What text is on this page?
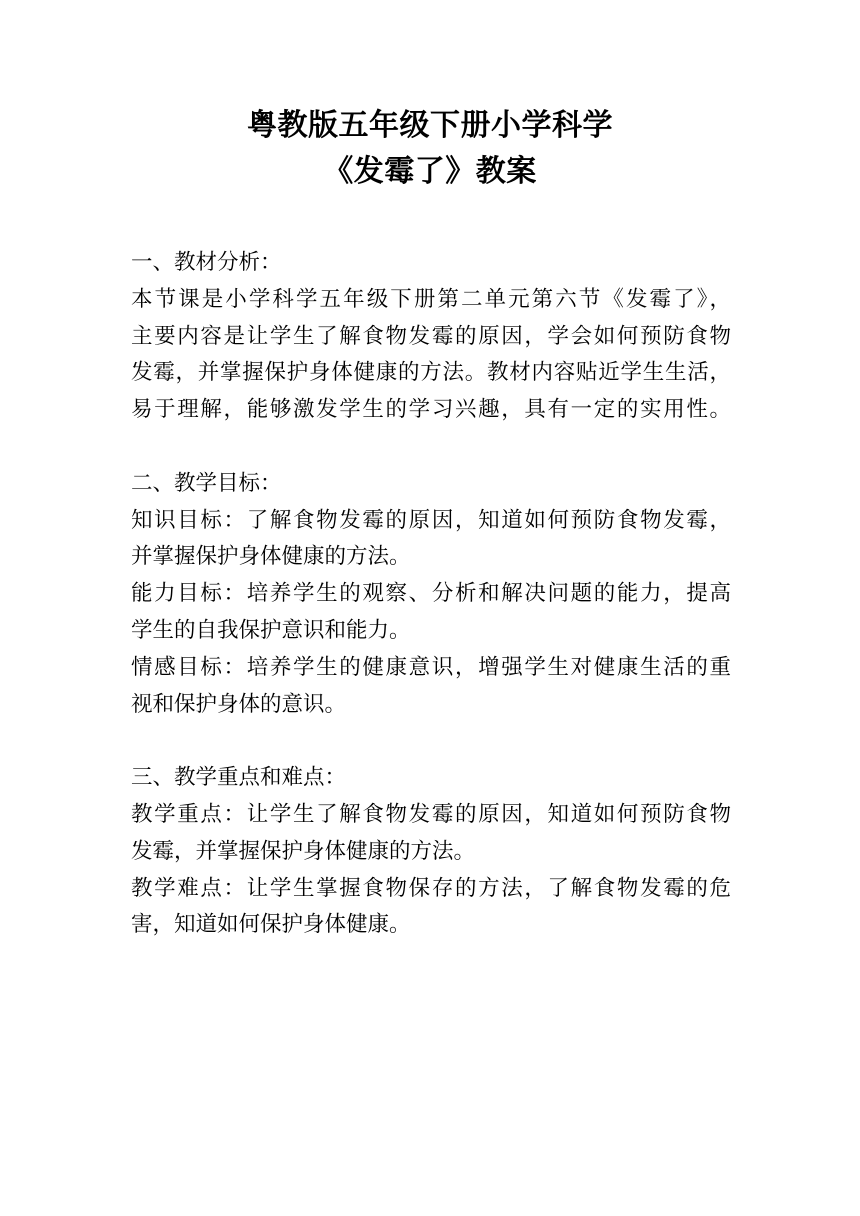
粤教版五年级下册小学科学
《发霉了》教案
一、教材分析：
本节课是小学科学五年级下册第二单元第六节《发霉了》，
主要内容是让学生了解食物发霉的原因，学会如何预防食物
发霉，并掌握保护身体健康的方法。教材内容贴近学生生活，
易于理解，能够激发学生的学习兴趣，具有一定的实用性。
二、教学目标：
知识目标：了解食物发霉的原因，知道如何预防食物发霉，
并掌握保护身体健康的方法。
能力目标：培养学生的观察、分析和解决问题的能力，提高
学生的自我保护意识和能力。
情感目标：培养学生的健康意识，增强学生对健康生活的重
视和保护身体的意识。
三、教学重点和难点：
教学重点：让学生了解食物发霉的原因，知道如何预防食物
发霉，并掌握保护身体健康的方法。
教学难点：让学生掌握食物保存的方法，了解食物发霉的危
害，知道如何保护身体健康。
